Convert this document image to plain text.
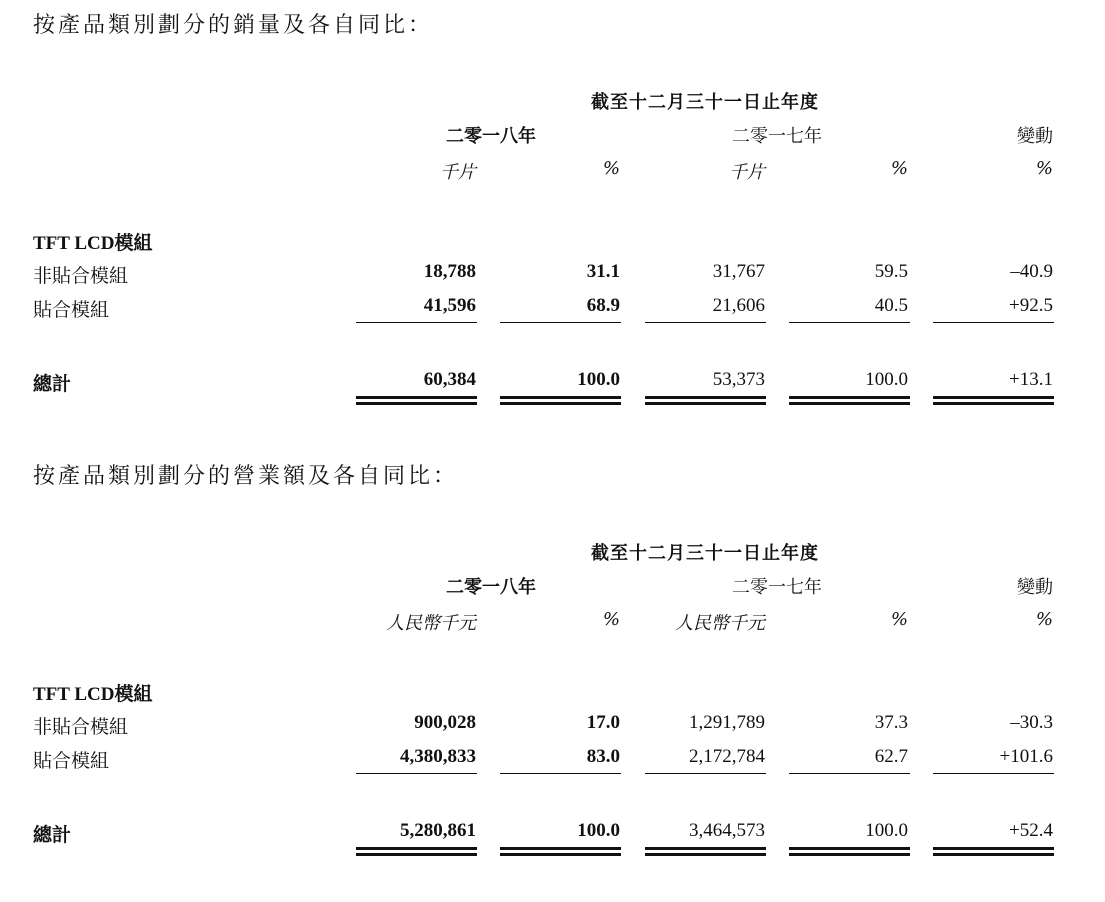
按產品類別劃分的銷量及各自同比：
截至十二月三十一日止年度
二零一八年	二零一七年	變動
千片	%	千片	%	%
TFT LCD模組
非貼合模組	18,788	31.1	31,767	59.5	–40.9
貼合模組	41,596	68.9	21,606	40.5	+92.5
總計	60,384	100.0	53,373	100.0	+13.1
按產品類別劃分的營業額及各自同比：
截至十二月三十一日止年度
二零一八年	二零一七年	變動
人民幣千元	%	人民幣千元	%	%
TFT LCD模組
非貼合模組	900,028	17.0	1,291,789	37.3	–30.3
貼合模組	4,380,833	83.0	2,172,784	62.7	+101.6
總計	5,280,861	100.0	3,464,573	100.0	+52.4
